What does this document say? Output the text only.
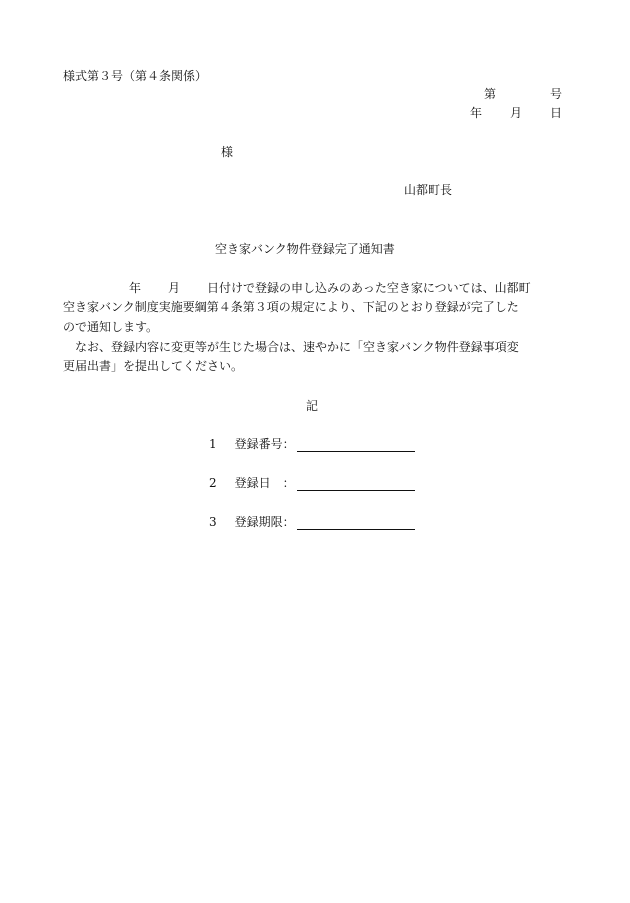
様式第３号（第４条関係）
第	号
年 月 日
様
山都町長
空き家バンク物件登録完了通知書
年 月 日付けで登録の申し込みのあった空き家については、山都町
空き家バンク制度実施要綱第４条第３項の規定により、下記のとおり登録が完了した
ので通知します。
なお、登録内容に変更等が生じた場合は、速やかに「空き家バンク物件登録事項変
更届出書」を提出してください。
記
1 登録番号：
2 登録日　：
3 登録期限：
